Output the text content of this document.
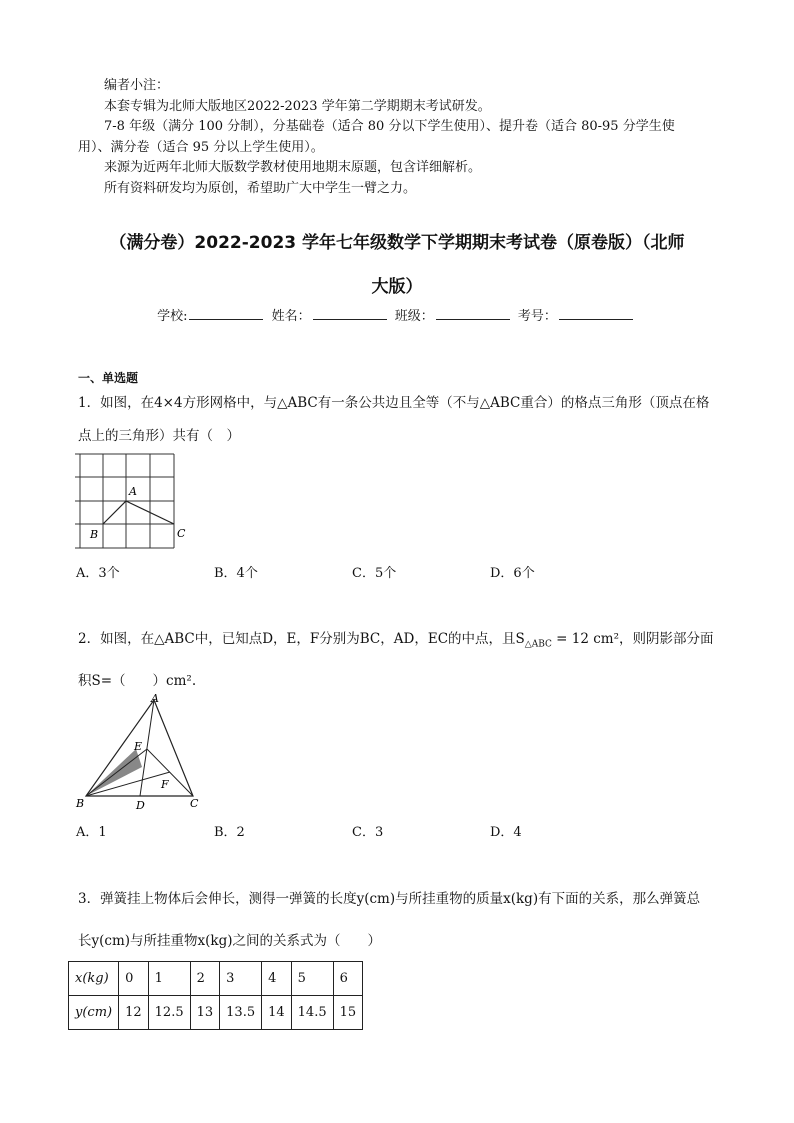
编者小注：
本套专辑为北师大版地区2022-2023 学年第二学期期末考试研发。
7-8 年级（满分 100 分制），分基础卷（适合 80 分以下学生使用）、提升卷（适合 80-95 分学生使
用）、满分卷（适合 95 分以上学生使用）。
来源为近两年北师大版数学教材使用地期末原题，包含详细解析。
所有资料研发均为原创，希望助广大中学生一臂之力。
（满分卷）2022-2023 学年七年级数学下学期期末考试卷（原卷版）（北师
大版）
学校:	姓名：	班级：	考号：
一、单选题
1．如图，在4×4方形网格中，与△ABC有一条公共边且全等（不与△ABC重合）的格点三角形（顶点在格
点上的三角形）共有（　）
A
B	C
A．3个	B．4个	C．5个	D．6个
2．如图，在△ABC中，已知点D，E，F分别为BC，AD，EC的中点，且$S_{\triangle ABC} = 12$ cm²，则阴影部分面
积S=（　　）cm².
A
B	C
D
E
F
A．1	B．2	C．3	D．4
3．弹簧挂上物体后会伸长，测得一弹簧的长度y(cm)与所挂重物的质量x(kg)有下面的关系，那么弹簧总
长y(cm)与所挂重物x(kg)之间的关系式为（　　）
x(kg)	0	1	2	3	4	5	6
y(cm)	12	12.5	13	13.5	14	14.5	15
